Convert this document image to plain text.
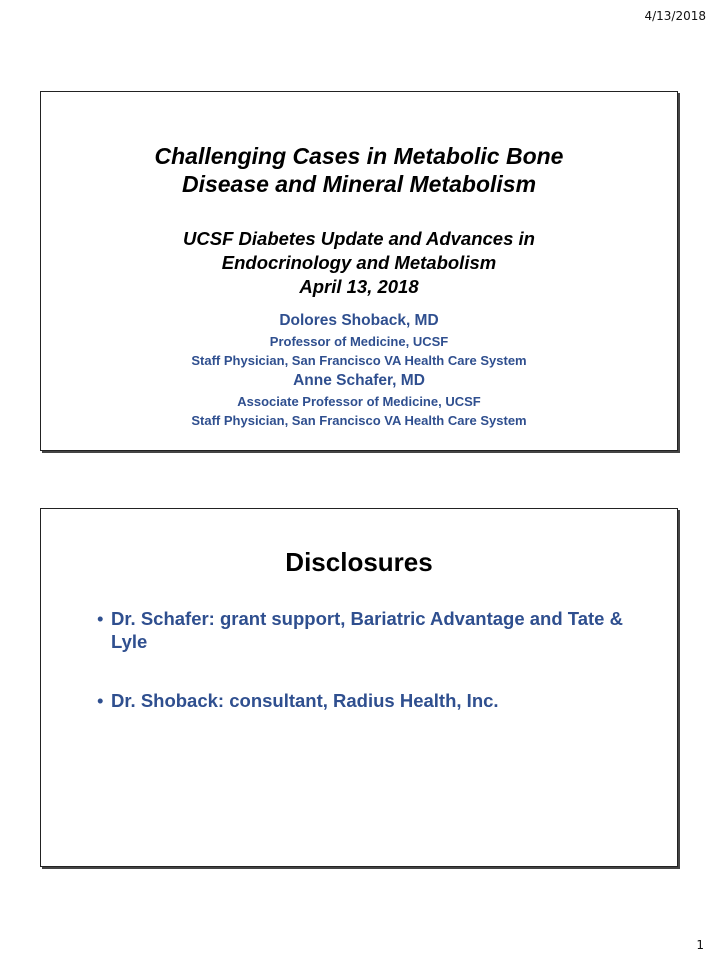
4/13/2018
Challenging Cases in Metabolic Bone
Disease and Mineral Metabolism
UCSF Diabetes Update and Advances in
Endocrinology and Metabolism
April 13, 2018
Dolores Shoback, MD
Professor of Medicine, UCSF
Staff Physician, San Francisco VA Health Care System
Anne Schafer, MD
Associate Professor of Medicine, UCSF
Staff Physician, San Francisco VA Health Care System
Disclosures
• Dr. Schafer: grant support, Bariatric Advantage and Tate & Lyle
• Dr. Shoback: consultant, Radius Health, Inc.
1
